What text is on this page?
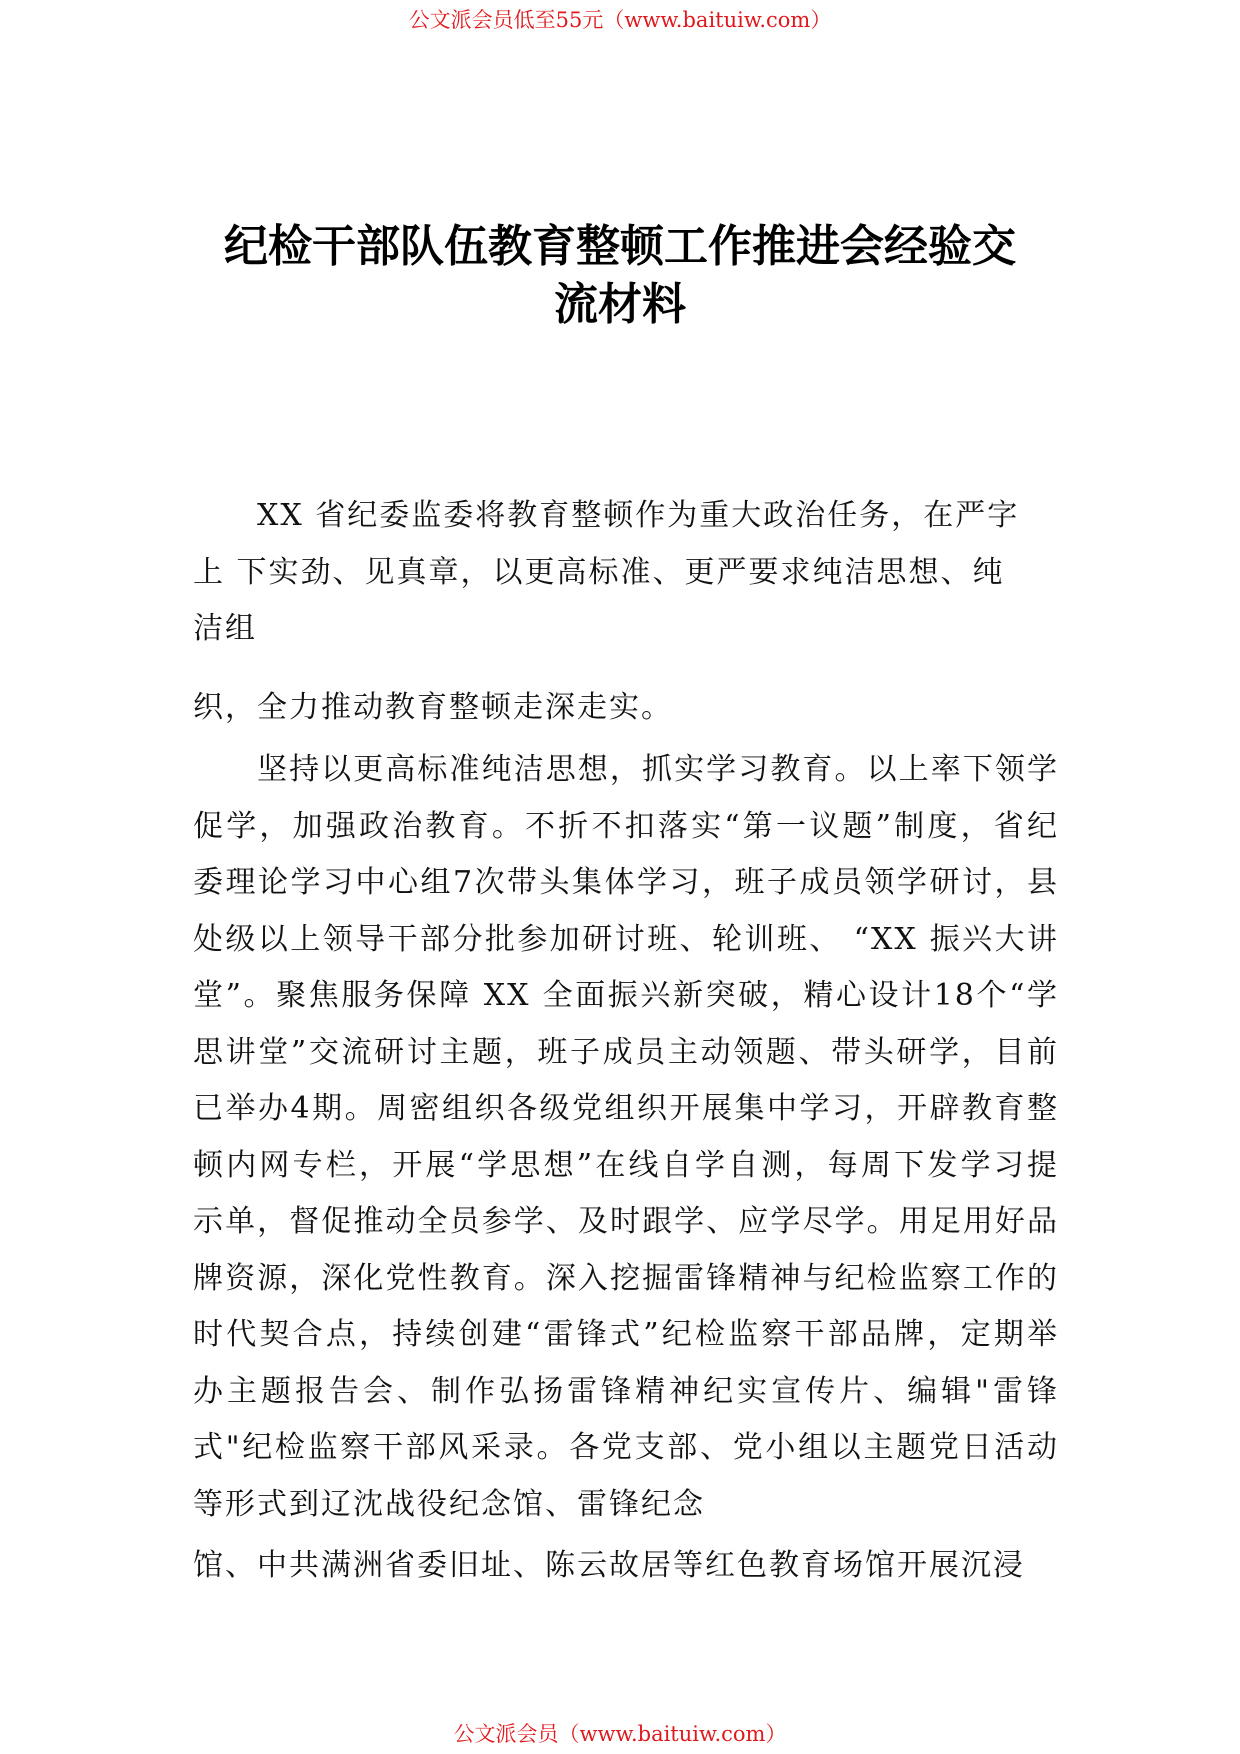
公文派会员低至55元（www.baituiw.com）
纪检干部队伍教育整顿工作推进会经验交
流材料
XX 省纪委监委将教育整顿作为重大政治任务，在严字
上 下实劲、见真章，以更高标准、更严要求纯洁思想、纯
洁组

织，全力推动教育整顿走深走实。

坚持以更高标准纯洁思想，抓实学习教育。以上率下领学促学，加强政治教育。不折不扣落实“第一议题”制度，省纪委理论学习中心组7次带头集体学习，班子成员领学研讨，县处级以上领导干部分批参加研讨班、轮训班、 “XX 振兴大讲堂”。聚焦服务保障 XX 全面振兴新突破，精心设计18个“学思讲堂”交流研讨主题，班子成员主动领题、带头研学，目前已举办4期。周密组织各级党组织开展集中学习，开辟教育整顿内网专栏，开展“学思想”在线自学自测，每周下发学习提示单，督促推动全员参学、及时跟学、应学尽学。用足用好品牌资源，深化党性教育。深入挖掘雷锋精神与纪检监察工作的时代契合点，持续创建“雷锋式”纪检监察干部品牌，定期举办主题报告会、制作弘扬雷锋精神纪实宣传片、编辑"雷锋式"纪检监察干部风采录。各党支部、党小组以主题党日活动等形式到辽沈战役纪念馆、雷锋纪念

馆、中共满洲省委旧址、陈云故居等红色教育场馆开展沉浸

公文派会员（www.baituiw.com）
